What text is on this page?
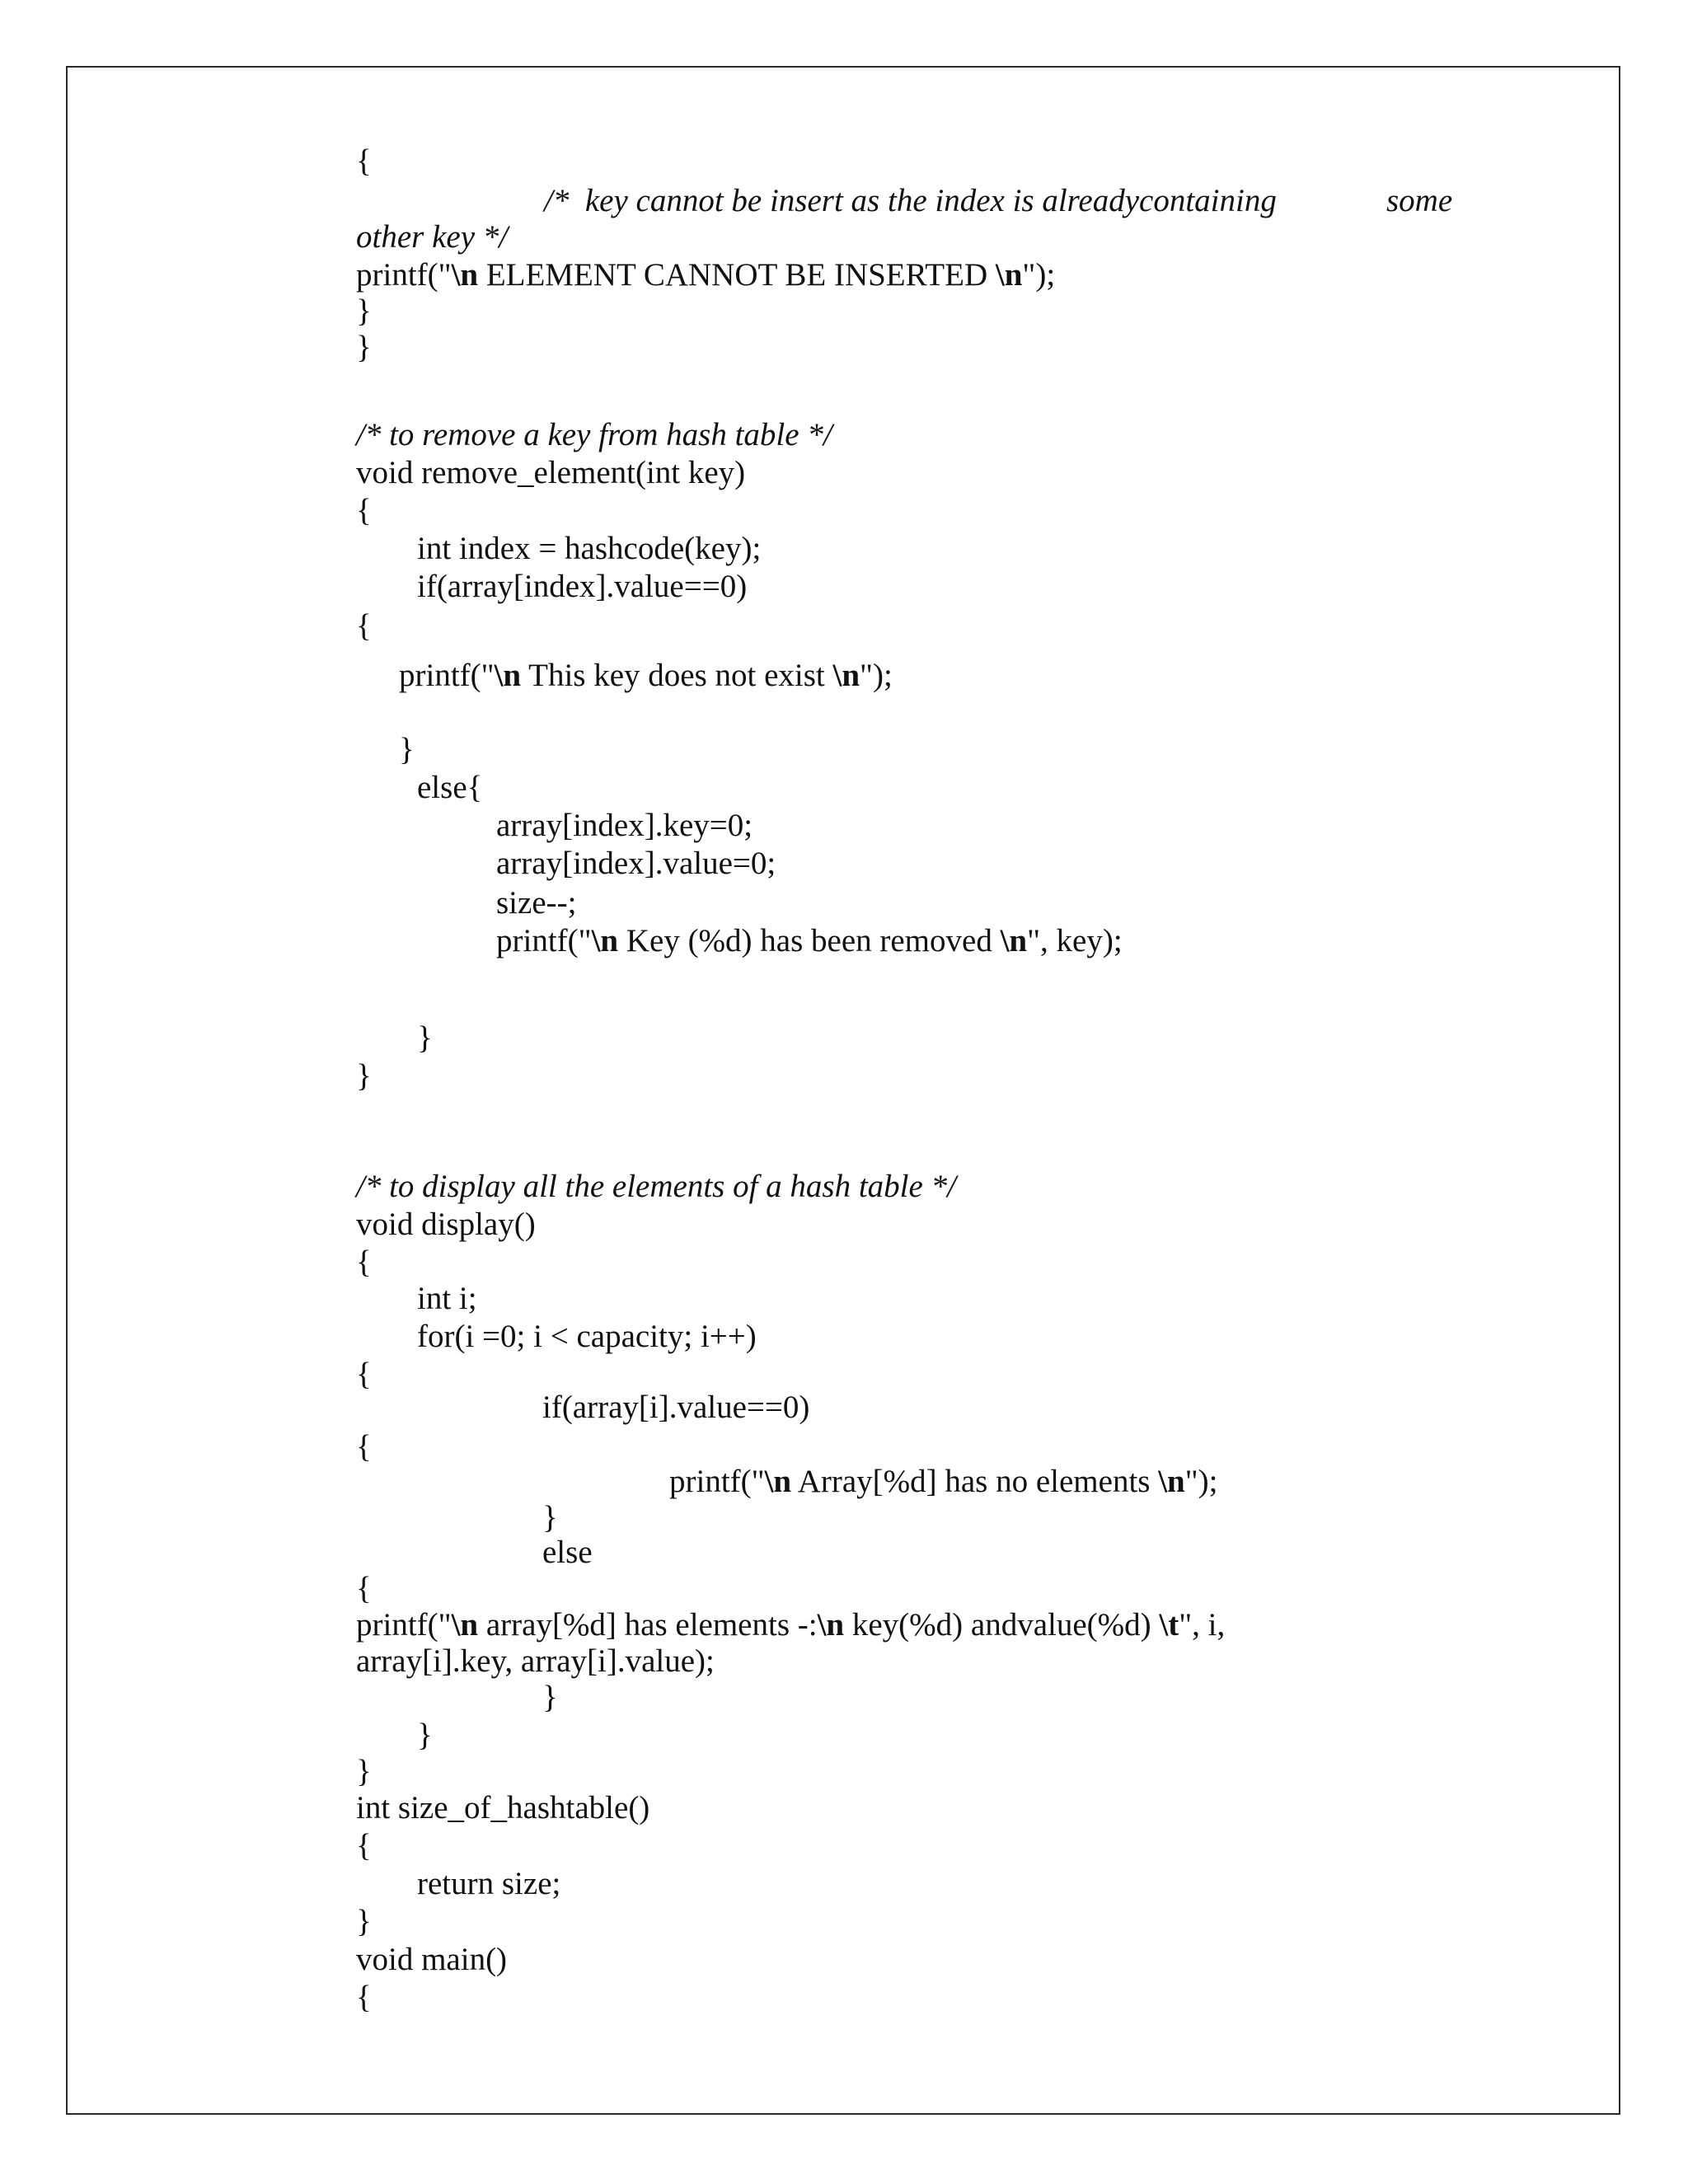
{
/*  key cannot be insert as the index is alreadycontaining	some
other key */
printf("\n ELEMENT CANNOT BE INSERTED \n");
}
}
/* to remove a key from hash table */
void remove_element(int key)
{
int index = hashcode(key);
if(array[index].value==0)
{
printf("\n This key does not exist \n");
}
else{
array[index].key=0;
array[index].value=0;
size--;
printf("\n Key (%d) has been removed \n", key);
}
}
/* to display all the elements of a hash table */
void display()
{
int i;
for(i =0; i < capacity; i++)
{
if(array[i].value==0)
{
printf("\n Array[%d] has no elements \n");
}
else
{
printf("\n array[%d] has elements -:\n key(%d) andvalue(%d) \t", i,
array[i].key, array[i].value);
}
}
}
int size_of_hashtable()
{
return size;
}
void main()
{
